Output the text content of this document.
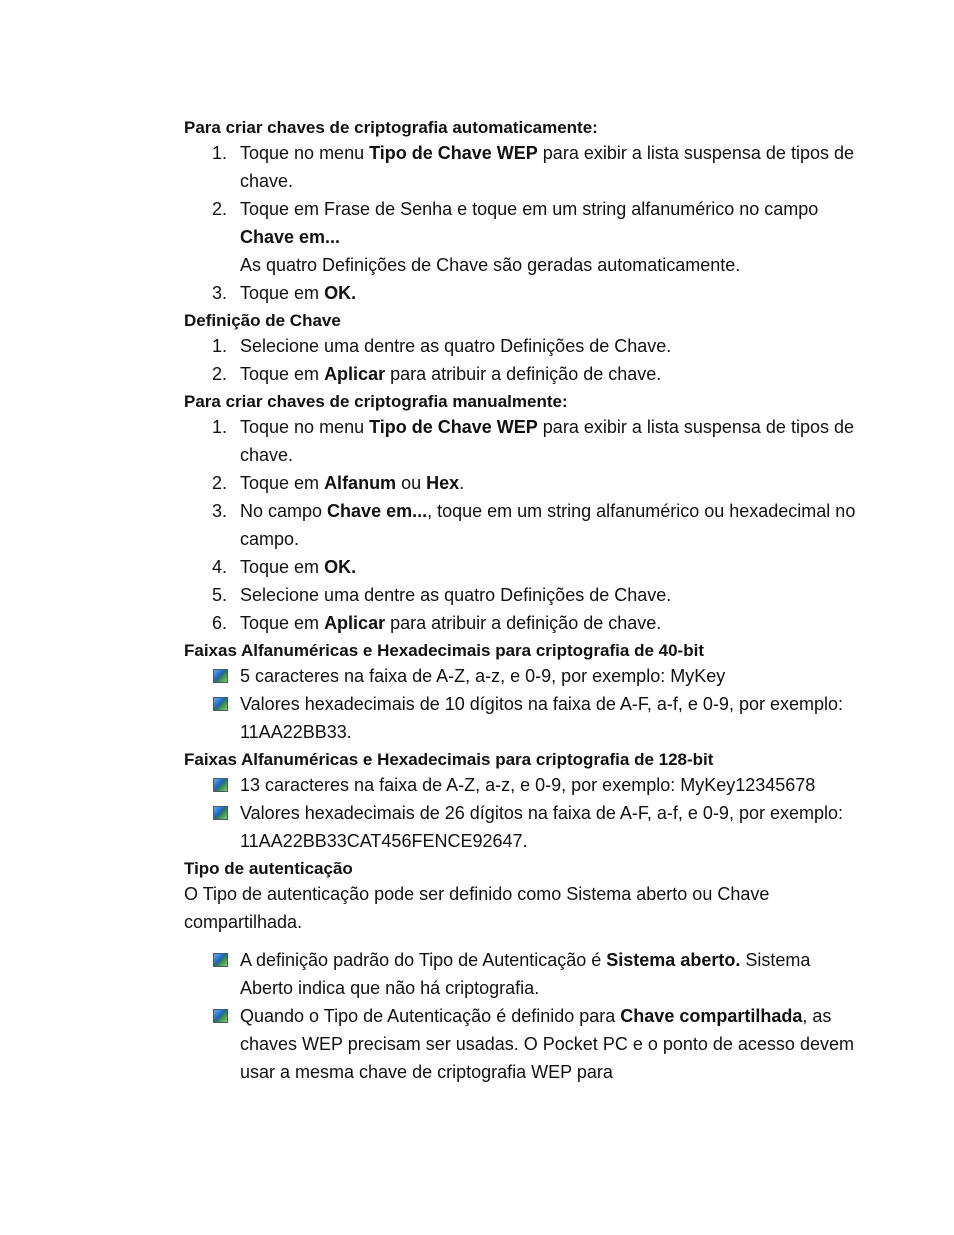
Para criar chaves de criptografia automaticamente:

1. Toque no menu Tipo de Chave WEP para exibir a lista suspensa de tipos de chave.
2. Toque em Frase de Senha e toque em um string alfanumérico no campo Chave em...
As quatro Definições de Chave são geradas automaticamente.
3. Toque em OK.

Definição de Chave

1. Selecione uma dentre as quatro Definições de Chave.
2. Toque em Aplicar para atribuir a definição de chave.

Para criar chaves de criptografia manualmente:

1. Toque no menu Tipo de Chave WEP para exibir a lista suspensa de tipos de chave.
2. Toque em Alfanum ou Hex.
3. No campo Chave em..., toque em um string alfanumérico ou hexadecimal no campo.
4. Toque em OK.
5. Selecione uma dentre as quatro Definições de Chave.
6. Toque em Aplicar para atribuir a definição de chave.

Faixas Alfanuméricas e Hexadecimais para criptografia de 40-bit

5 caracteres na faixa de A-Z, a-z, e 0-9, por exemplo: MyKey
Valores hexadecimais de 10 dígitos na faixa de A-F, a-f, e 0-9, por exemplo: 11AA22BB33.

Faixas Alfanuméricas e Hexadecimais para criptografia de 128-bit

13 caracteres na faixa de A-Z, a-z, e 0-9, por exemplo: MyKey12345678
Valores hexadecimais de 26 dígitos na faixa de A-F, a-f, e 0-9, por exemplo: 11AA22BB33CAT456FENCE92647.

Tipo de autenticação

O Tipo de autenticação pode ser definido como Sistema aberto ou Chave compartilhada.

A definição padrão do Tipo de Autenticação é Sistema aberto. Sistema Aberto indica que não há criptografia.
Quando o Tipo de Autenticação é definido para Chave compartilhada, as chaves WEP precisam ser usadas. O Pocket PC e o ponto de acesso devem usar a mesma chave de criptografia WEP para
